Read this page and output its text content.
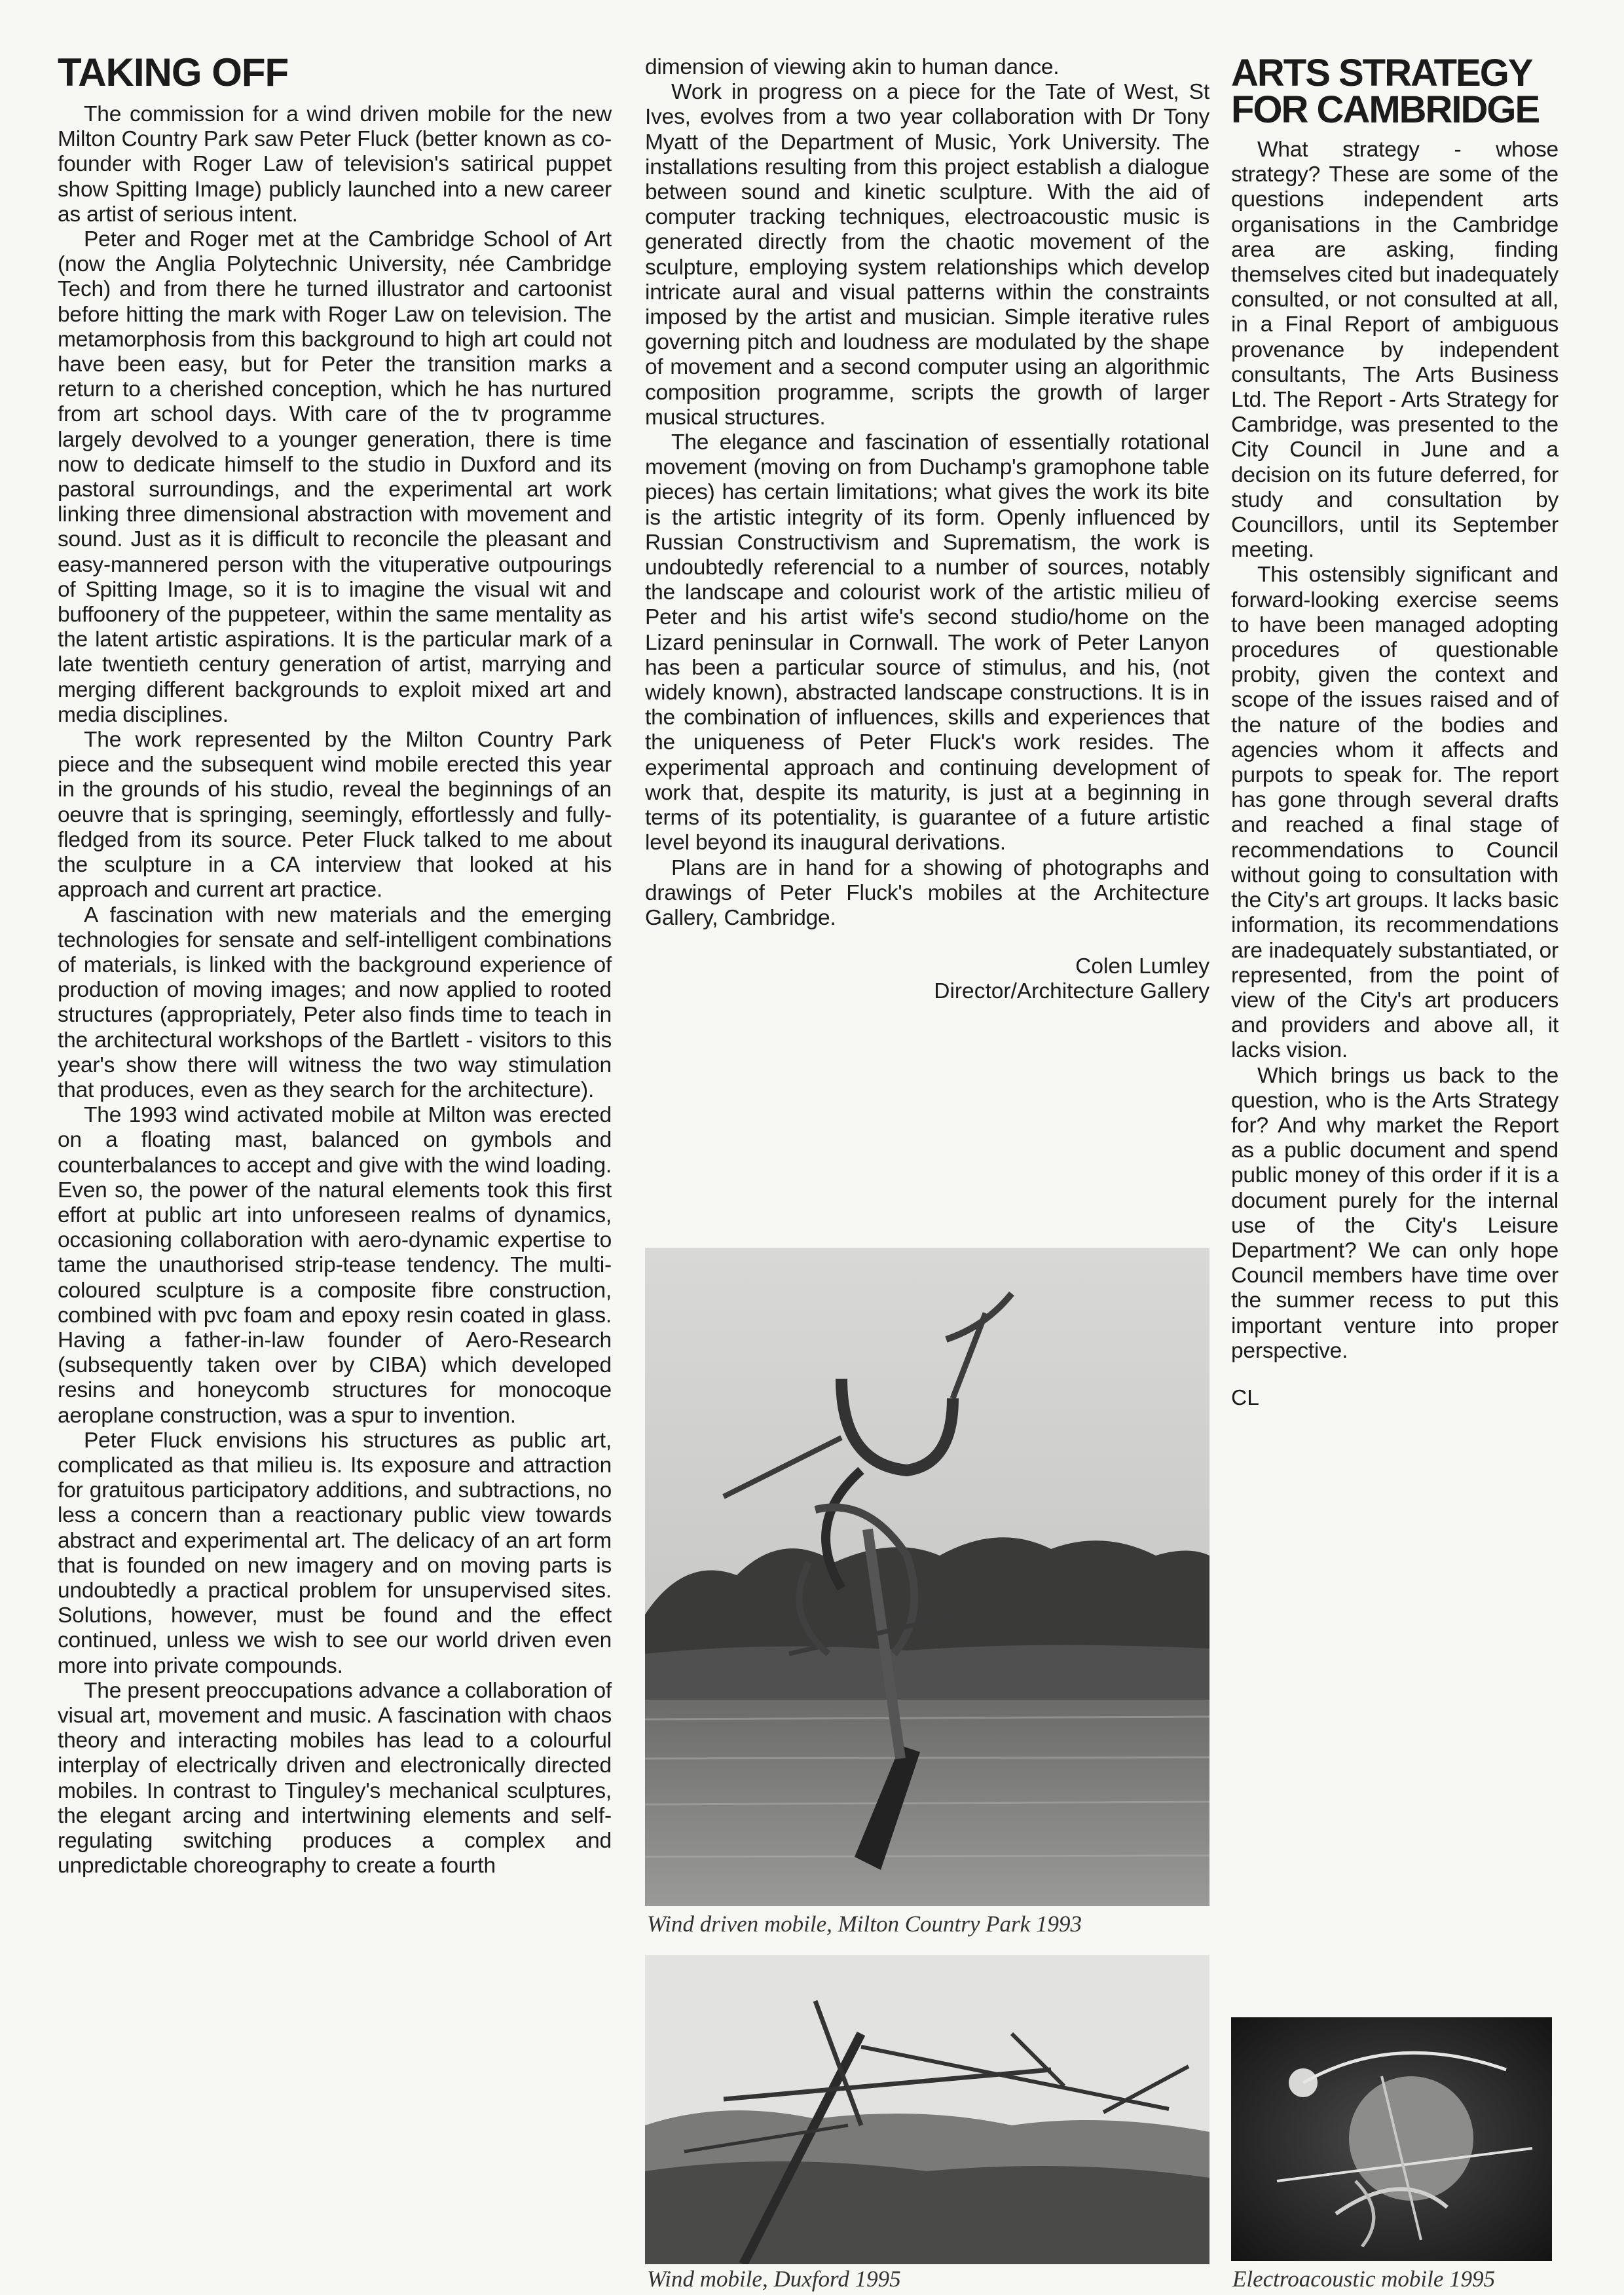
TAKING OFF

The commission for a wind driven mobile for the new Milton Country Park saw Peter Fluck (better known as co-founder with Roger Law of television's satirical puppet show Spitting Image) publicly launched into a new career as artist of serious intent.

Peter and Roger met at the Cambridge School of Art (now the Anglia Polytechnic University, née Cambridge Tech) and from there he turned illustrator and cartoonist before hitting the mark with Roger Law on television. The metamorphosis from this background to high art could not have been easy, but for Peter the transition marks a return to a cherished conception, which he has nurtured from art school days. With care of the tv programme largely devolved to a younger generation, there is time now to dedicate himself to the studio in Duxford and its pastoral surroundings, and the experimental art work linking three dimensional abstraction with movement and sound. Just as it is difficult to reconcile the pleasant and easy-mannered person with the vituperative outpourings of Spitting Image, so it is to imagine the visual wit and buffoonery of the puppeteer, within the same mentality as the latent artistic aspirations. It is the particular mark of a late twentieth century generation of artist, marrying and merging different backgrounds to exploit mixed art and media disciplines.

The work represented by the Milton Country Park piece and the subsequent wind mobile erected this year in the grounds of his studio, reveal the beginnings of an oeuvre that is springing, seemingly, effortlessly and fully-fledged from its source. Peter Fluck talked to me about the sculpture in a CA interview that looked at his approach and current art practice.

A fascination with new materials and the emerging technologies for sensate and self-intelligent combinations of materials, is linked with the background experience of production of moving images; and now applied to rooted structures (appropriately, Peter also finds time to teach in the architectural workshops of the Bartlett - visitors to this year's show there will witness the two way stimulation that produces, even as they search for the architecture).

The 1993 wind activated mobile at Milton was erected on a floating mast, balanced on gymbols and counterbalances to accept and give with the wind loading. Even so, the power of the natural elements took this first effort at public art into unforeseen realms of dynamics, occasioning collaboration with aero-dynamic expertise to tame the unauthorised strip-tease tendency. The multi-coloured sculpture is a composite fibre construction, combined with pvc foam and epoxy resin coated in glass. Having a father-in-law founder of Aero-Research (subsequently taken over by CIBA) which developed resins and honeycomb structures for monocoque aeroplane construction, was a spur to invention.

Peter Fluck envisions his structures as public art, complicated as that milieu is. Its exposure and attraction for gratuitous participatory additions, and subtractions, no less a concern than a reactionary public view towards abstract and experimental art. The delicacy of an art form that is founded on new imagery and on moving parts is undoubtedly a practical problem for unsupervised sites. Solutions, however, must be found and the effect continued, unless we wish to see our world driven even more into private compounds.

The present preoccupations advance a collaboration of visual art, movement and music. A fascination with chaos theory and interacting mobiles has lead to a colourful interplay of electrically driven and electronically directed mobiles. In contrast to Tinguley's mechanical sculptures, the elegant arcing and intertwining elements and self-regulating switching produces a complex and unpredictable choreography to create a fourth

dimension of viewing akin to human dance.

Work in progress on a piece for the Tate of West, St Ives, evolves from a two year collaboration with Dr Tony Myatt of the Department of Music, York University. The installations resulting from this project establish a dialogue between sound and kinetic sculpture. With the aid of computer tracking techniques, electroacoustic music is generated directly from the chaotic movement of the sculpture, employing system relationships which develop intricate aural and visual patterns within the constraints imposed by the artist and musician. Simple iterative rules governing pitch and loudness are modulated by the shape of movement and a second computer using an algorithmic composition programme, scripts the growth of larger musical structures.

The elegance and fascination of essentially rotational movement (moving on from Duchamp's gramophone table pieces) has certain limitations; what gives the work its bite is the artistic integrity of its form. Openly influenced by Russian Constructivism and Suprematism, the work is undoubtedly referencial to a number of sources, notably the landscape and colourist work of the artistic milieu of Peter and his artist wife's second studio/home on the Lizard peninsular in Cornwall. The work of Peter Lanyon has been a particular source of stimulus, and his, (not widely known), abstracted landscape constructions. It is in the combination of influences, skills and experiences that the uniqueness of Peter Fluck's work resides. The experimental approach and continuing development of work that, despite its maturity, is just at a beginning in terms of its potentiality, is guarantee of a future artistic level beyond its inaugural derivations.

Plans are in hand for a showing of photographs and drawings of Peter Fluck's mobiles at the Architecture Gallery, Cambridge.

Colen Lumley
Director/Architecture Gallery
ARTS STRATEGY
FOR CAMBRIDGE

What strategy - whose strategy? These are some of the questions independent arts organisations in the Cambridge area are asking, finding themselves cited but inadequately consulted, or not consulted at all, in a Final Report of ambiguous provenance by independent consultants, The Arts Business Ltd. The Report - Arts Strategy for Cambridge, was presented to the City Council in June and a decision on its future deferred, for study and consultation by Councillors, until its September meeting.

This ostensibly significant and forward-looking exercise seems to have been managed adopting procedures of questionable probity, given the context and scope of the issues raised and of the nature of the bodies and agencies whom it affects and purpots to speak for. The report has gone through several drafts and reached a final stage of recommendations to Council without going to consultation with the City's art groups. It lacks basic information, its recommendations are inadequately substantiated, or represented, from the point of view of the City's art producers and providers and above all, it lacks vision.

Which brings us back to the question, who is the Arts Strategy for? And why market the Report as a public document and spend public money of this order if it is a document purely for the internal use of the City's Leisure Department? We can only hope Council members have time over the summer recess to put this important venture into proper perspective.

CL
Wind driven mobile, Milton Country Park 1993
Wind mobile, Duxford 1995	Electroacoustic mobile 1995
